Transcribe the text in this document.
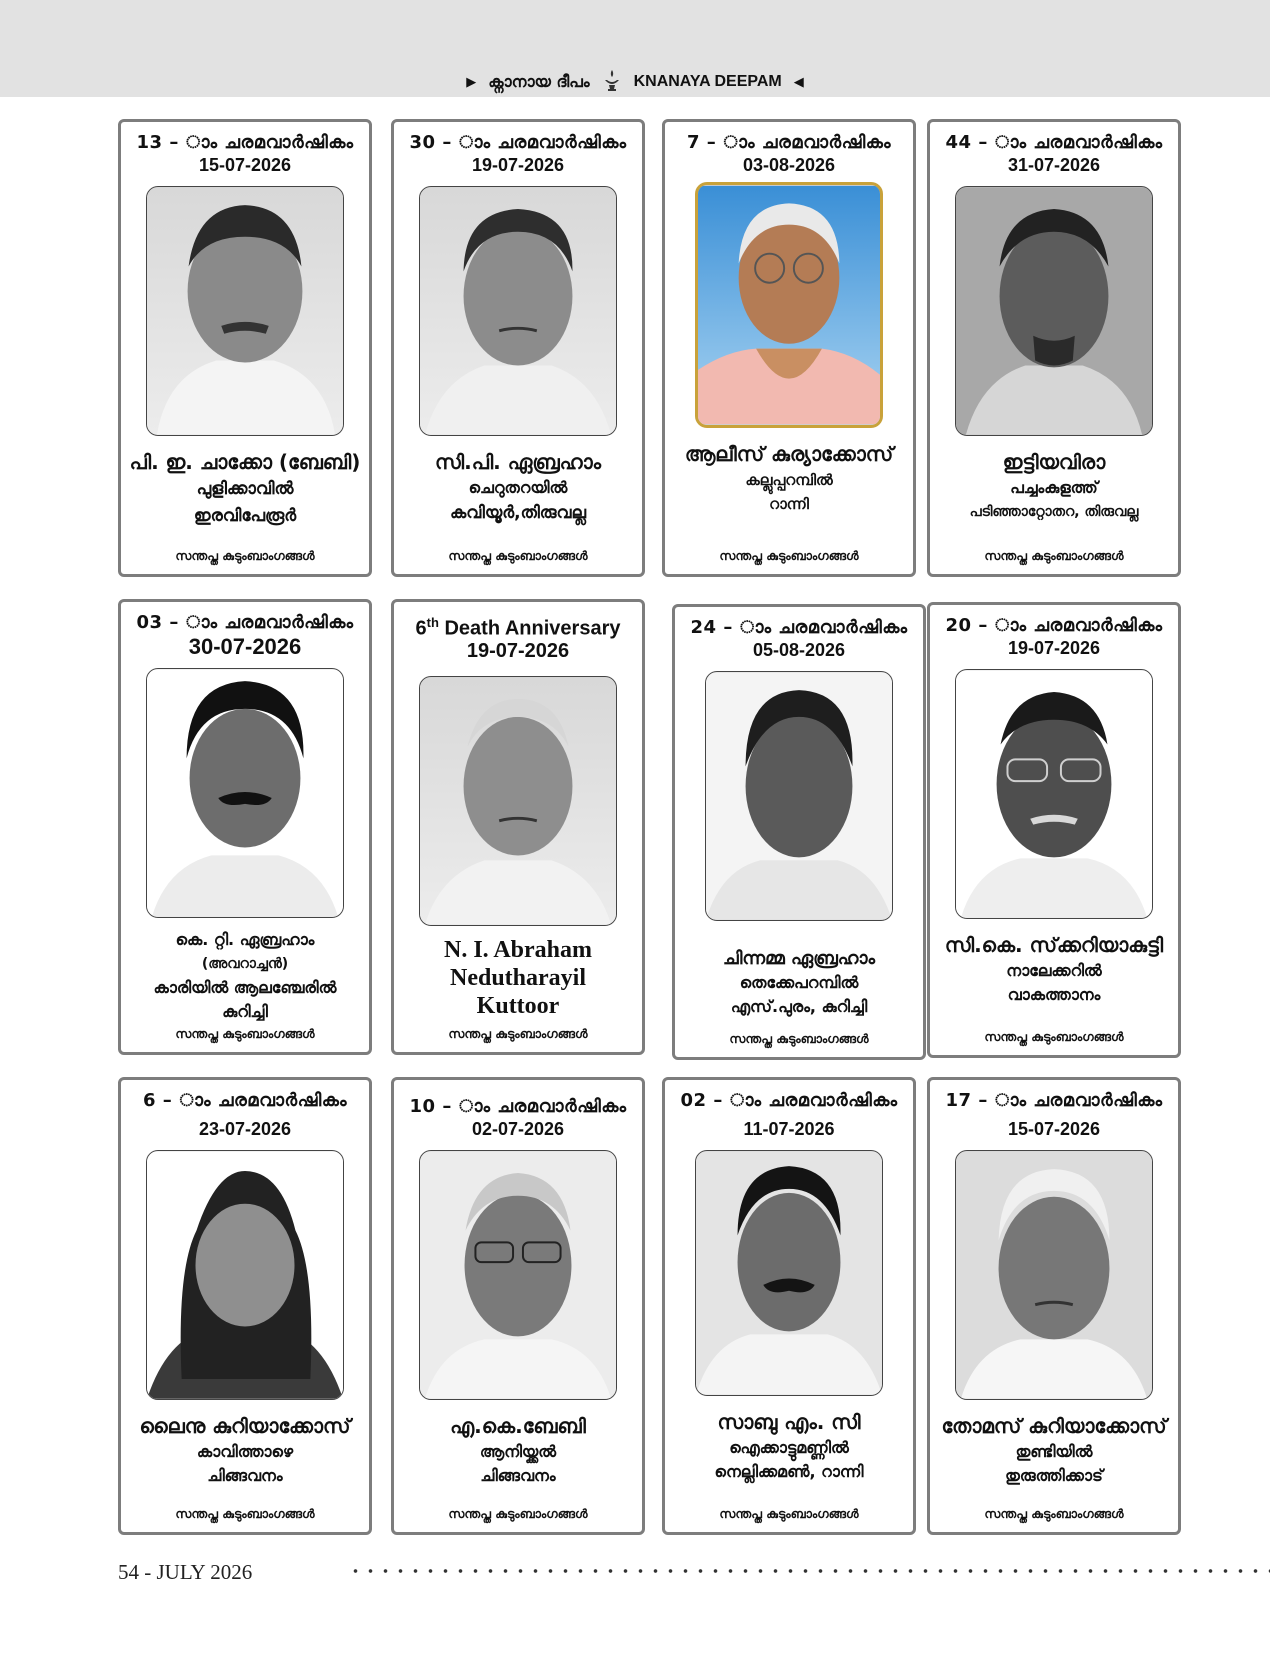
▶ ക്നാനായ ദീപം	KNANAYA DEEPAM ◀
13 – ാം ചരമവാർഷികം
15-07-2026
പി. ഇ. ചാക്കോ (ബേബി)
പുളിക്കാവിൽ
ഇരവിപേരൂർ
സന്തപ്ത കുടുംബാംഗങ്ങൾ
30 – ാം ചരമവാർഷികം
19-07-2026
സി.പി. ഏബ്രഹാം
ചെറുതറയിൽ
കവിയൂർ,തിരുവല്ല
സന്തപ്ത കുടുംബാംഗങ്ങൾ
7 – ാം ചരമവാർഷികം
03-08-2026
ആലീസ് കുര്യാക്കോസ്
കല്ലുപ്പറമ്പിൽ
റാന്നി
സന്തപ്ത കുടുംബാംഗങ്ങൾ
44 – ാം ചരമവാർഷികം
31-07-2026
ഇട്ടിയവിരാ
പച്ചംകുളത്ത്
പടിഞ്ഞാറ്റോതറ, തിരുവല്ല
സന്തപ്ത കുടുംബാംഗങ്ങൾ
03 – ാം ചരമവാർഷികം
30-07-2026
കെ. റ്റി. ഏബ്രഹാം
(അവറാച്ചൻ)
കാരിയിൽ ആലഞ്ചേരിൽ
കുറിച്ചി
സന്തപ്ത കുടുംബാംഗങ്ങൾ
6th Death Anniversary
19-07-2026
N. I. Abraham
Nedutharayil
Kuttoor
സന്തപ്ത കുടുംബാംഗങ്ങൾ
24 – ാം ചരമവാർഷികം
05-08-2026
ചിന്നമ്മ ഏബ്രഹാം
തെക്കേപറമ്പിൽ
എസ്.പുരം, കുറിച്ചി
സന്തപ്ത കുടുംബാംഗങ്ങൾ
20 – ാം ചരമവാർഷികം
19-07-2026
സി.കെ. സ്‌ക്കറിയാകുട്ടി
നാലേക്കറിൽ
വാകത്താനം
സന്തപ്ത കുടുംബാംഗങ്ങൾ
6 – ാം ചരമവാർഷികം
23-07-2026
ലൈനു കുറിയാക്കോസ്
കാവിത്താഴെ
ചിങ്ങവനം
സന്തപ്ത കുടുംബാംഗങ്ങൾ
10 – ാം ചരമവാർഷികം
02-07-2026
എ.കെ.ബേബി
ആനിയ്ക്കൽ
ചിങ്ങവനം
സന്തപ്ത കുടുംബാംഗങ്ങൾ
02 – ാം ചരമവാർഷികം
11-07-2026
സാബു എം. സി
ഐക്കാട്ടുമണ്ണിൽ
നെല്ലിക്കമൺ, റാന്നി
സന്തപ്ത കുടുംബാംഗങ്ങൾ
17 – ാം ചരമവാർഷികം
15-07-2026
തോമസ് കുറിയാക്കോസ്
തുണ്ടിയിൽ
തുരുത്തിക്കാട്
സന്തപ്ത കുടുംബാംഗങ്ങൾ
54 - JULY 2026
